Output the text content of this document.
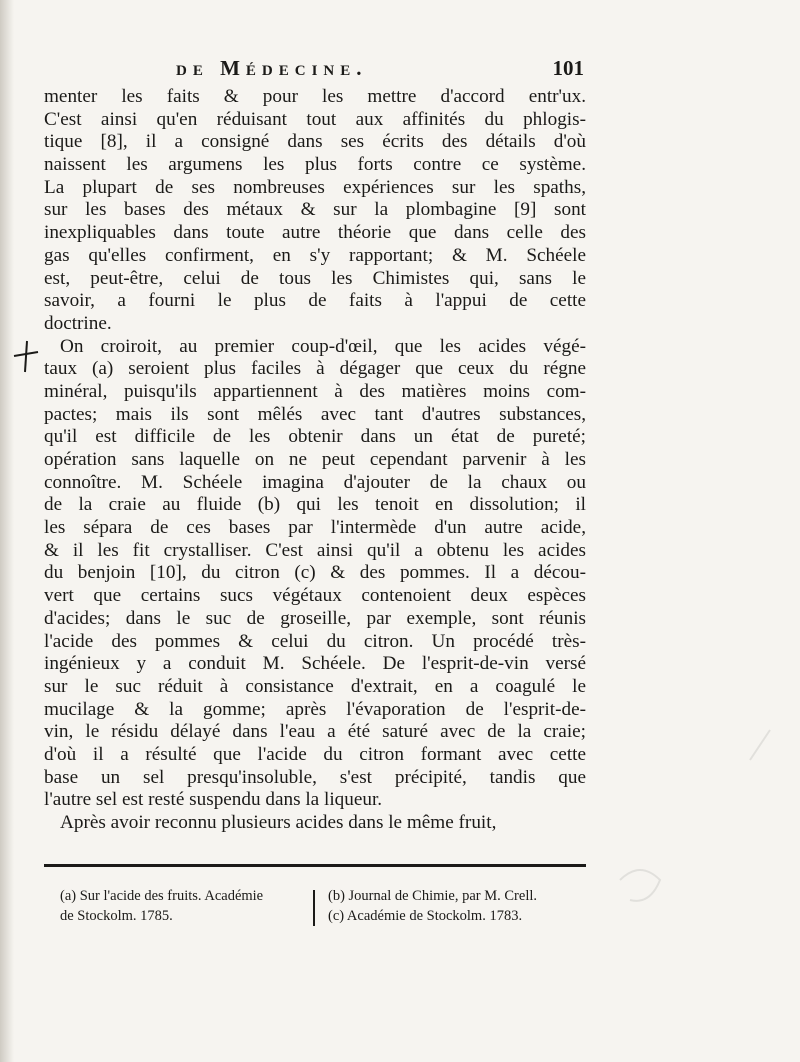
de Médecine.	101
menter les faits & pour les mettre d'accord entr'ux.
C'est ainsi qu'en réduisant tout aux affinités du phlogis-
tique [8], il a consigné dans ses écrits des détails d'où
naissent les argumens les plus forts contre ce système.
La plupart de ses nombreuses expériences sur les spaths,
sur les bases des métaux & sur la plombagine [9] sont
inexpliquables dans toute autre théorie que dans celle des
gas qu'elles confirment, en s'y rapportant; & M. Schéele
est, peut-être, celui de tous les Chimistes qui, sans le
savoir, a fourni le plus de faits à l'appui de cette
doctrine.
On croiroit, au premier coup-d'œil, que les acides végé-
taux (a) seroient plus faciles à dégager que ceux du régne
minéral, puisqu'ils appartiennent à des matières moins com-
pactes; mais ils sont mêlés avec tant d'autres substances,
qu'il est difficile de les obtenir dans un état de pureté;
opération sans laquelle on ne peut cependant parvenir à les
connoître. M. Schéele imagina d'ajouter de la chaux ou
de la craie au fluide (b) qui les tenoit en dissolution; il
les sépara de ces bases par l'intermède d'un autre acide,
& il les fit crystalliser. C'est ainsi qu'il a obtenu les acides
du benjoin [10], du citron (c) & des pommes. Il a décou-
vert que certains sucs végétaux contenoient deux espèces
d'acides; dans le suc de groseille, par exemple, sont réunis
l'acide des pommes & celui du citron. Un procédé très-
ingénieux y a conduit M. Schéele. De l'esprit-de-vin versé
sur le suc réduit à consistance d'extrait, en a coagulé le
mucilage & la gomme; après l'évaporation de l'esprit-de-
vin, le résidu délayé dans l'eau a été saturé avec de la craie;
d'où il a résulté que l'acide du citron formant avec cette
base un sel presqu'insoluble, s'est précipité, tandis que
l'autre sel est resté suspendu dans la liqueur.
Après avoir reconnu plusieurs acides dans le même fruit,
(a) Sur l'acide des fruits. Académie
de Stockolm. 1785.
(b) Journal de Chimie, par M. Crell.
(c) Académie de Stockolm. 1783.
